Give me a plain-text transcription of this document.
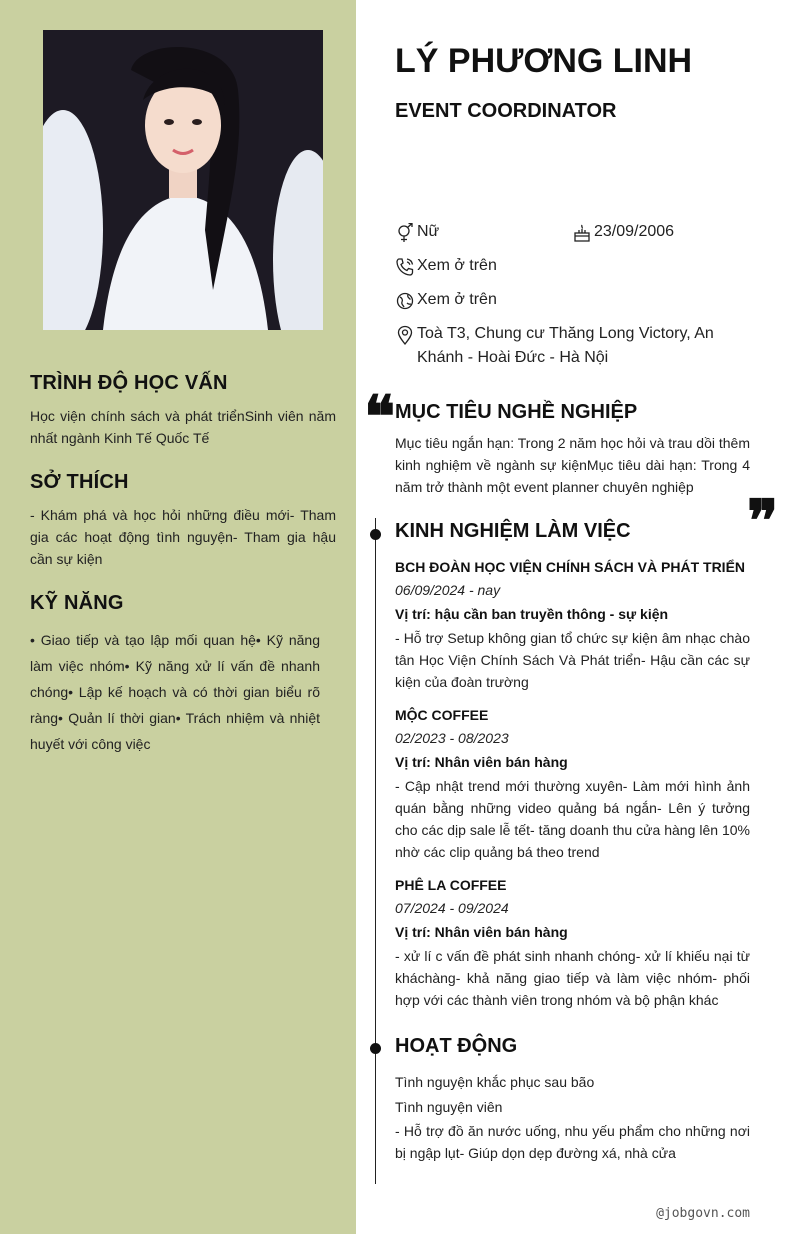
TRÌNH ĐỘ HỌC VẤN
Học viện chính sách và phát triểnSinh viên năm nhất ngành Kinh Tế Quốc Tế
SỞ THÍCH
- Khám phá và học hỏi những điều mới- Tham gia các hoạt động tình nguyện- Tham gia hậu cần sự kiện
KỸ NĂNG
• Giao tiếp và tạo lập mối quan hệ• Kỹ năng làm việc nhóm• Kỹ năng xử lí vấn đề nhanh chóng• Lập kế hoạch và có thời gian biểu rõ ràng• Quản lí thời gian• Trách nhiệm và nhiệt huyết với công việc
LÝ PHƯƠNG LINH
EVENT COORDINATOR
Nữ	23/09/2006
Xem ở trên
Xem ở trên
Toà T3, Chung cư Thăng Long Victory, An Khánh - Hoài Đức - Hà Nội
❝ MỤC TIÊU NGHỀ NGHIỆP
Mục tiêu ngắn hạn: Trong 2 năm học hỏi và trau dồi thêm kinh nghiệm về ngành sự kiệnMục tiêu dài hạn: Trong 4 năm trở thành một event planner chuyên nghiệp ❞
KINH NGHIỆM LÀM VIỆC
BCH ĐOÀN HỌC VIỆN CHÍNH SÁCH VÀ PHÁT TRIỂN
06/09/2024 - nay
Vị trí: hậu cần ban truyền thông - sự kiện
- Hỗ trợ Setup không gian tổ chức sự kiện âm nhạc chào tân Học Viện Chính Sách Và Phát triển- Hậu cần các sự kiện của đoàn trường
MỘC COFFEE
02/2023 - 08/2023
Vị trí: Nhân viên bán hàng
- Cập nhật trend mới thường xuyên- Làm mới hình ảnh quán bằng những video quảng bá ngắn- Lên ý tưởng cho các dịp sale lễ tết- tăng doanh thu cửa hàng lên 10% nhờ các clip quảng bá theo trend
PHÊ LA COFFEE
07/2024 - 09/2024
Vị trí: Nhân viên bán hàng
- xử lí c vấn đề phát sinh nhanh chóng- xử lí khiếu nại từ kháchàng- khả năng giao tiếp và làm việc nhóm- phối hợp với các thành viên trong nhóm và bộ phận khác
HOẠT ĐỘNG
Tình nguyện khắc phục sau bão
Tình nguyện viên
- Hỗ trợ đồ ăn nước uống, nhu yếu phẩm cho những nơi bị ngập lụt- Giúp dọn dẹp đường xá, nhà cửa
@jobgovn.com
